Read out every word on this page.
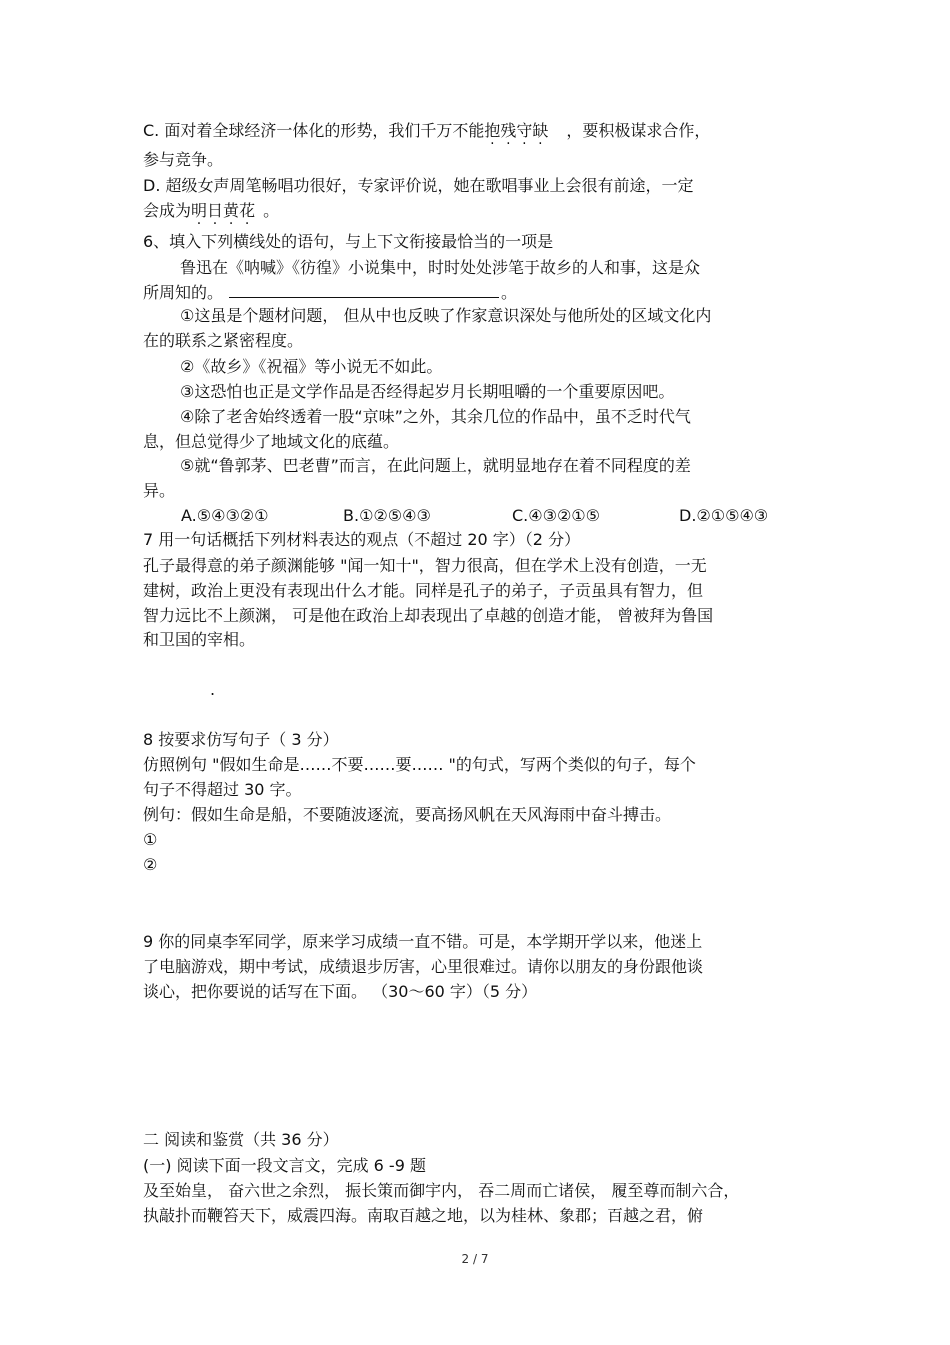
C. 面对着全球经济一体化的形势，我们千万不能抱残守缺 ，要积极谋求合作，
参与竞争。
D. 超级女声周笔畅唱功很好，专家评价说，她在歌唱事业上会很有前途，一定
会成为明日黄花 。
6、填入下列横线处的语句，与上下文衔接最恰当的一项是
鲁迅在《呐喊》《彷徨》小说集中，时时处处涉笔于故乡的人和事，这是众
所周知的。	。
①这虽是个题材问题， 但从中也反映了作家意识深处与他所处的区域文化内
在的联系之紧密程度。
②《故乡》《祝福》等小说无不如此。
③这恐怕也正是文学作品是否经得起岁月长期咀嚼的一个重要原因吧。
④除了老舍始终透着一股“京味”之外，其余几位的作品中，虽不乏时代气
息，但总觉得少了地域文化的底蕴。
⑤就“鲁郭茅、巴老曹”而言，在此问题上，就明显地存在着不同程度的差
异。
A.⑤④③②①	B.①②⑤④③	C.④③②①⑤	D.②①⑤④③
7 用一句话概括下列材料表达的观点（不超过 20 字）（2 分）
孔子最得意的弟子颜渊能够 "闻一知十"，智力很高，但在学术上没有创造，一无
建树，政治上更没有表现出什么才能。同样是孔子的弟子，子贡虽具有智力，但
智力远比不上颜渊， 可是他在政治上却表现出了卓越的创造才能， 曾被拜为鲁国
和卫国的宰相。
.
8 按要求仿写句子（ 3 分）
仿照例句 "假如生命是……不要……要…… "的句式，写两个类似的句子，每个
句子不得超过 30 字。
例句：假如生命是船，不要随波逐流，要高扬风帆在天风海雨中奋斗搏击。
①
②
9 你的同桌李军同学，原来学习成绩一直不错。可是，本学期开学以来，他迷上
了电脑游戏，期中考试，成绩退步厉害，心里很难过。请你以朋友的身份跟他谈
谈心，把你要说的话写在下面。 （30～60 字）（5 分）
二 阅读和鉴赏（共 36 分）
(一) 阅读下面一段文言文，完成 6 -9 题
及至始皇， 奋六世之余烈， 振长策而御宇内， 吞二周而亡诸侯， 履至尊而制六合，
执敲扑而鞭笞天下，威震四海。南取百越之地，以为桂林、象郡；百越之君，俯
2 / 7
